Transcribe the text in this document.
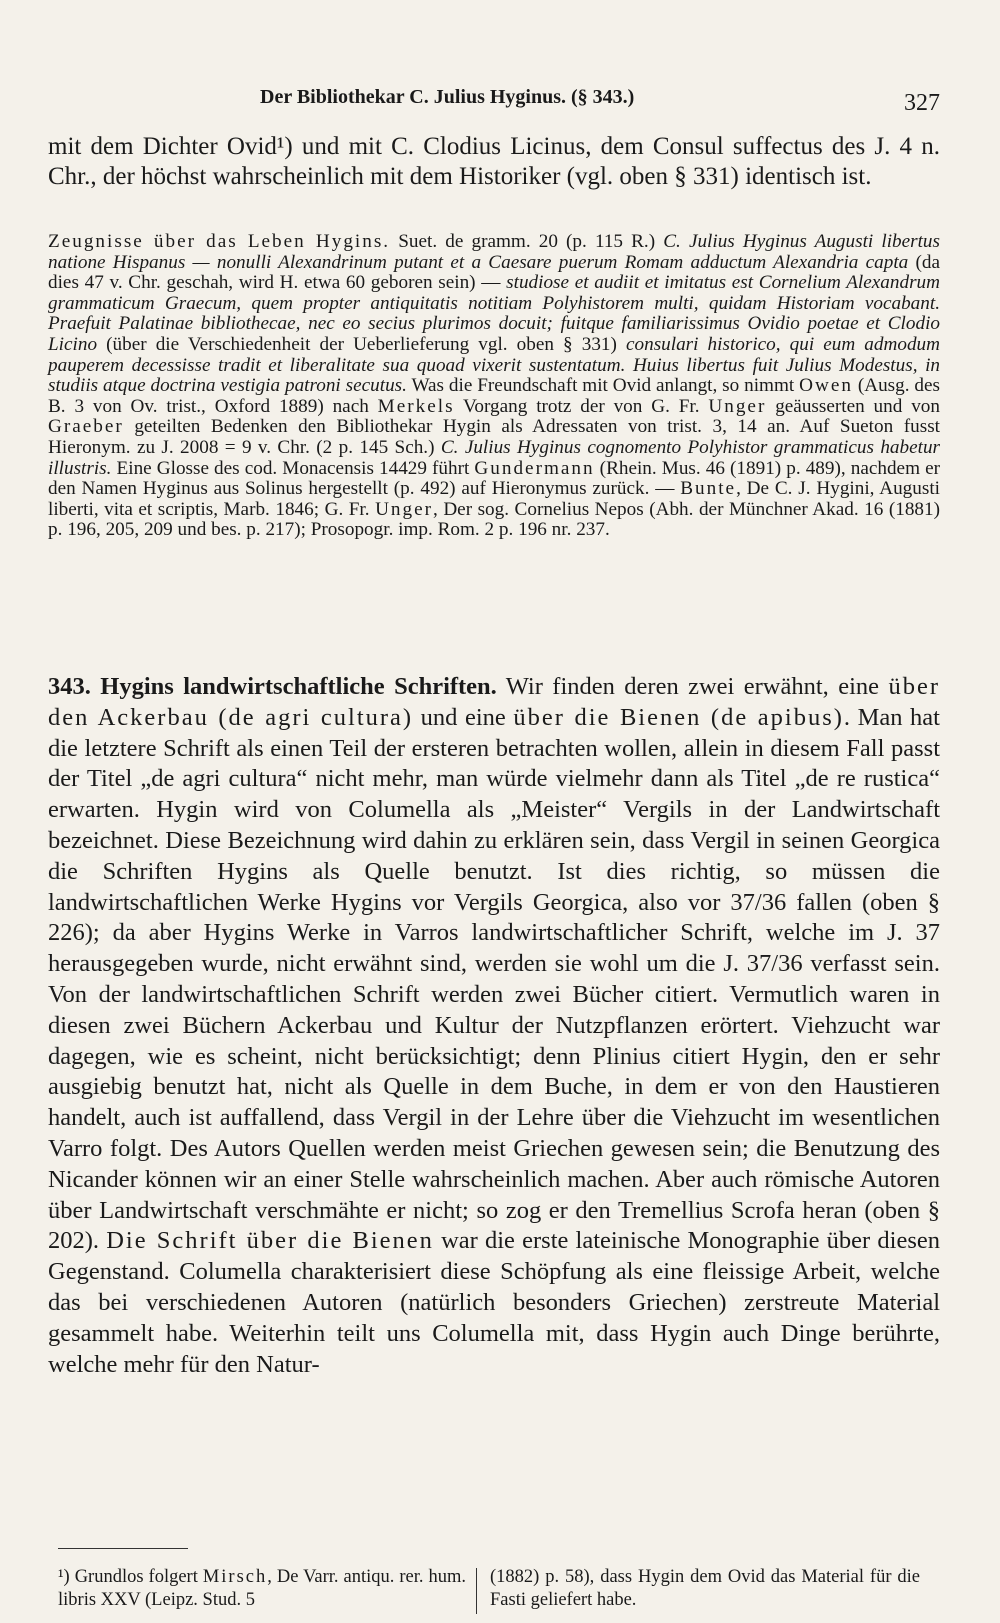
Der Bibliothekar C. Julius Hyginus. (§ 343.)	327
mit dem Dichter Ovid¹) und mit C. Clodius Licinus, dem Consul suffectus des J. 4 n. Chr., der höchst wahrscheinlich mit dem Historiker (vgl. oben § 331) identisch ist.
Zeugnisse über das Leben Hygins. Suet. de gramm. 20 (p. 115 R.) C. Julius Hyginus Augusti libertus natione Hispanus — nonulli Alexandrinum putant et a Caesare puerum Romam adductum Alexandria capta (da dies 47 v. Chr. geschah, wird H. etwa 60 geboren sein) — studiose et audiit et imitatus est Cornelium Alexandrum grammaticum Graecum, quem propter antiquitatis notitiam Polyhistorem multi, quidam Historiam vocabant. Praefuit Palatinae bibliothecae, nec eo secius plurimos docuit; fuitque familiarissimus Ovidio poetae et Clodio Licino (über die Verschiedenheit der Ueberlieferung vgl. oben § 331) consulari historico, qui eum admodum pauperem decessisse tradit et liberalitate sua quoad vixerit sustentatum. Huius libertus fuit Julius Modestus, in studiis atque doctrina vestigia patroni secutus. Was die Freundschaft mit Ovid anlangt, so nimmt Owen (Ausg. des B. 3 von Ov. trist., Oxford 1889) nach Merkels Vorgang trotz der von G. Fr. Unger geäusserten und von Graeber geteilten Bedenken den Bibliothekar Hygin als Adressaten von trist. 3, 14 an. Auf Sueton fusst Hieronym. zu J. 2008 = 9 v. Chr. (2 p. 145 Sch.) C. Julius Hyginus cognomento Polyhistor grammaticus habetur illustris. Eine Glosse des cod. Monacensis 14429 führt Gundermann (Rhein. Mus. 46 (1891) p. 489), nachdem er den Namen Hyginus aus Solinus hergestellt (p. 492) auf Hieronymus zurück. — Bunte, De C. J. Hygini, Augusti liberti, vita et scriptis, Marb. 1846; G. Fr. Unger, Der sog. Cornelius Nepos (Abh. der Münchner Akad. 16 (1881) p. 196, 205, 209 und bes. p. 217); Prosopogr. imp. Rom. 2 p. 196 nr. 237.
343. Hygins landwirtschaftliche Schriften. Wir finden deren zwei erwähnt, eine über den Ackerbau (de agri cultura) und eine über die Bienen (de apibus). Man hat die letztere Schrift als einen Teil der ersteren betrachten wollen, allein in diesem Fall passt der Titel „de agri cultura“ nicht mehr, man würde vielmehr dann als Titel „de re rustica“ erwarten. Hygin wird von Columella als „Meister“ Vergils in der Landwirtschaft bezeichnet. Diese Bezeichnung wird dahin zu erklären sein, dass Vergil in seinen Georgica die Schriften Hygins als Quelle benutzt. Ist dies richtig, so müssen die landwirtschaftlichen Werke Hygins vor Vergils Georgica, also vor 37/36 fallen (oben § 226); da aber Hygins Werke in Varros landwirtschaftlicher Schrift, welche im J. 37 herausgegeben wurde, nicht erwähnt sind, werden sie wohl um die J. 37/36 verfasst sein. Von der landwirtschaftlichen Schrift werden zwei Bücher citiert. Vermutlich waren in diesen zwei Büchern Ackerbau und Kultur der Nutzpflanzen erörtert. Viehzucht war dagegen, wie es scheint, nicht berücksichtigt; denn Plinius citiert Hygin, den er sehr ausgiebig benutzt hat, nicht als Quelle in dem Buche, in dem er von den Haustieren handelt, auch ist auffallend, dass Vergil in der Lehre über die Viehzucht im wesentlichen Varro folgt. Des Autors Quellen werden meist Griechen gewesen sein; die Benutzung des Nicander können wir an einer Stelle wahrscheinlich machen. Aber auch römische Autoren über Landwirtschaft verschmähte er nicht; so zog er den Tremellius Scrofa heran (oben § 202). Die Schrift über die Bienen war die erste lateinische Monographie über diesen Gegenstand. Columella charakterisiert diese Schöpfung als eine fleissige Arbeit, welche das bei verschiedenen Autoren (natürlich besonders Griechen) zerstreute Material gesammelt habe. Weiterhin teilt uns Columella mit, dass Hygin auch Dinge berührte, welche mehr für den Natur-
¹) Grundlos folgert Mirsch, De Varr. antiqu. rer. hum. libris XXV (Leipz. Stud. 5
(1882) p. 58), dass Hygin dem Ovid das Material für die Fasti geliefert habe.
